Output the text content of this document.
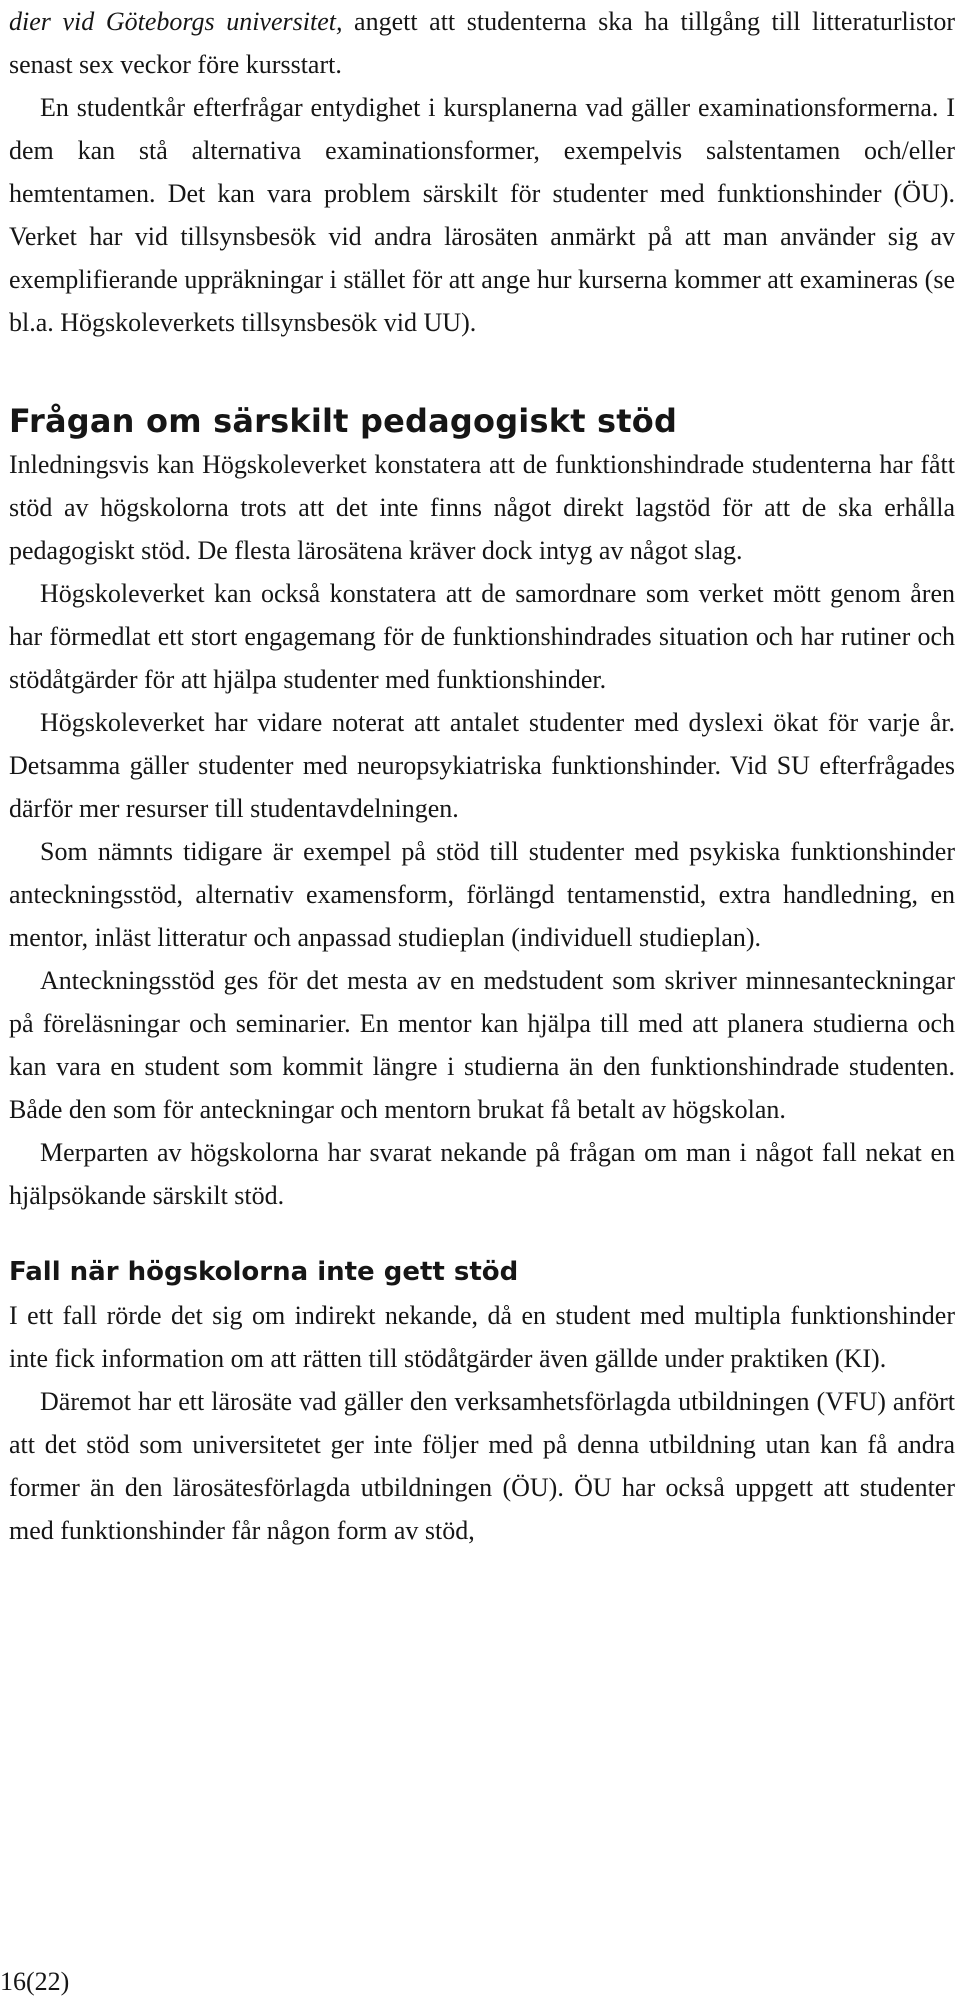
dier vid Göteborgs universitet, angett att studenterna ska ha tillgång till litteraturlistor senast sex veckor före kursstart.

En studentkår efterfrågar entydighet i kursplanerna vad gäller examinationsformerna. I dem kan stå alternativa examinationsformer, exempelvis salstentamen och/eller hemtentamen. Det kan vara problem särskilt för studenter med funktionshinder (ÖU). Verket har vid tillsynsbesök vid andra lärosäten anmärkt på att man använder sig av exemplifierande uppräkningar i stället för att ange hur kurserna kommer att examineras (se bl.a. Högskoleverkets tillsynsbesök vid UU).

Frågan om särskilt pedagogiskt stöd

Inledningsvis kan Högskoleverket konstatera att de funktionshindrade studenterna har fått stöd av högskolorna trots att det inte finns något direkt lagstöd för att de ska erhålla pedagogiskt stöd. De flesta lärosätena kräver dock intyg av något slag.

Högskoleverket kan också konstatera att de samordnare som verket mött genom åren har förmedlat ett stort engagemang för de funktionshindrades situation och har rutiner och stödåtgärder för att hjälpa studenter med funktionshinder.

Högskoleverket har vidare noterat att antalet studenter med dyslexi ökat för varje år. Detsamma gäller studenter med neuropsykiatriska funktionshinder. Vid SU efterfrågades därför mer resurser till studentavdelningen.

Som nämnts tidigare är exempel på stöd till studenter med psykiska funktionshinder anteckningsstöd, alternativ examensform, förlängd tentamenstid, extra handledning, en mentor, inläst litteratur och anpassad studieplan (individuell studieplan).

Anteckningsstöd ges för det mesta av en medstudent som skriver minnesanteckningar på föreläsningar och seminarier. En mentor kan hjälpa till med att planera studierna och kan vara en student som kommit längre i studierna än den funktionshindrade studenten. Både den som för anteckningar och mentorn brukat få betalt av högskolan.

Merparten av högskolorna har svarat nekande på frågan om man i något fall nekat en hjälpsökande särskilt stöd.

Fall när högskolorna inte gett stöd

I ett fall rörde det sig om indirekt nekande, då en student med multipla funktionshinder inte fick information om att rätten till stödåtgärder även gällde under praktiken (KI).

Däremot har ett lärosäte vad gäller den verksamhetsförlagda utbildningen (VFU) anfört att det stöd som universitetet ger inte följer med på denna utbildning utan kan få andra former än den lärosätesförlagda utbildningen (ÖU). ÖU har också uppgett att studenter med funktionshinder får någon form av stöd,

16(22)
